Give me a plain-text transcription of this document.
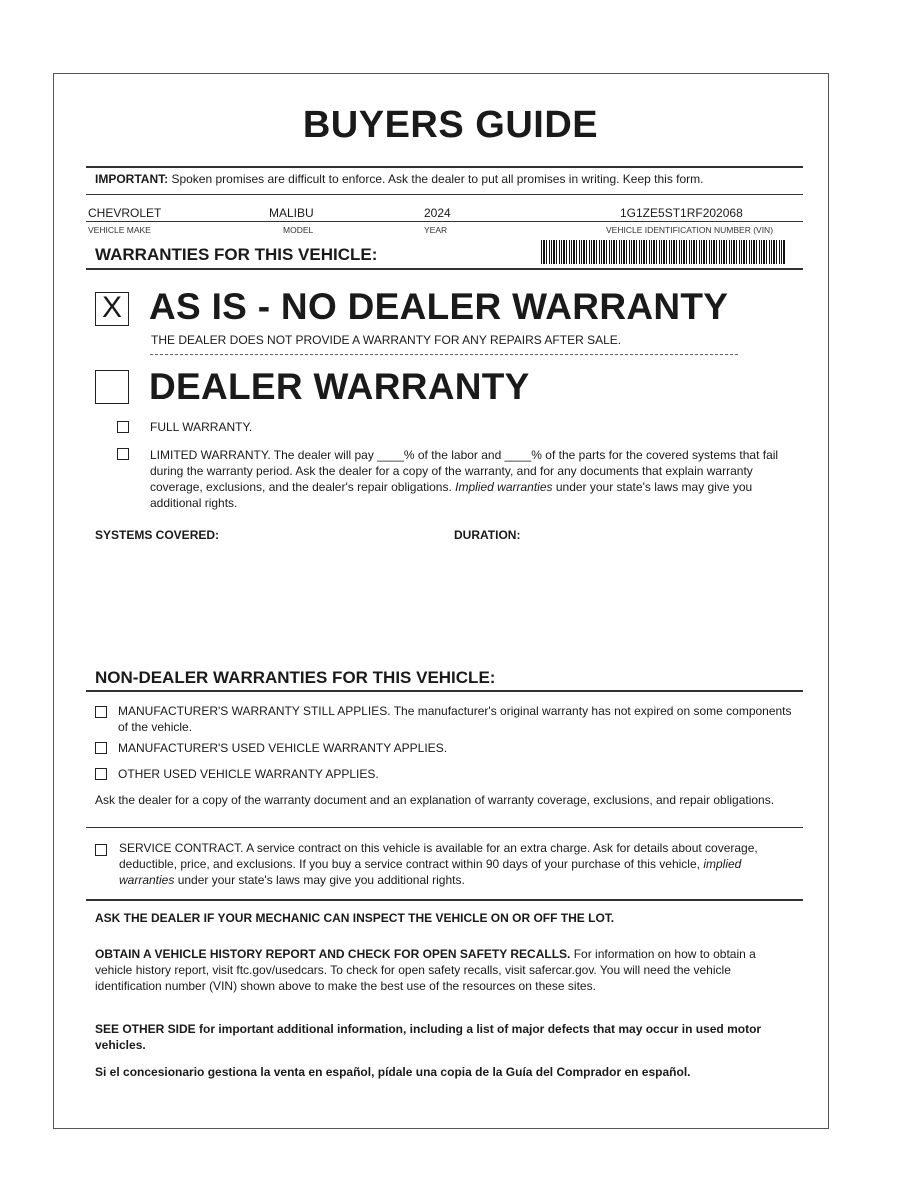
BUYERS GUIDE
IMPORTANT: Spoken promises are difficult to enforce. Ask the dealer to put all promises in writing. Keep this form.
CHEVROLET	MALIBU	2024	1G1ZE5ST1RF202068
VEHICLE MAKE	MODEL	YEAR	VEHICLE IDENTIFICATION NUMBER (VIN)
WARRANTIES FOR THIS VEHICLE:
X AS IS - NO DEALER WARRANTY
THE DEALER DOES NOT PROVIDE A WARRANTY FOR ANY REPAIRS AFTER SALE.
DEALER WARRANTY
FULL WARRANTY.
LIMITED WARRANTY. The dealer will pay ____% of the labor and ____% of the parts for the covered systems that fail during the warranty period. Ask the dealer for a copy of the warranty, and for any documents that explain warranty coverage, exclusions, and the dealer's repair obligations. Implied warranties under your state's laws may give you additional rights.
SYSTEMS COVERED:	DURATION:
NON-DEALER WARRANTIES FOR THIS VEHICLE:
MANUFACTURER'S WARRANTY STILL APPLIES. The manufacturer's original warranty has not expired on some components of the vehicle.
MANUFACTURER'S USED VEHICLE WARRANTY APPLIES.
OTHER USED VEHICLE WARRANTY APPLIES.
Ask the dealer for a copy of the warranty document and an explanation of warranty coverage, exclusions, and repair obligations.
SERVICE CONTRACT. A service contract on this vehicle is available for an extra charge. Ask for details about coverage, deductible, price, and exclusions. If you buy a service contract within 90 days of your purchase of this vehicle, implied warranties under your state's laws may give you additional rights.
ASK THE DEALER IF YOUR MECHANIC CAN INSPECT THE VEHICLE ON OR OFF THE LOT.
OBTAIN A VEHICLE HISTORY REPORT AND CHECK FOR OPEN SAFETY RECALLS. For information on how to obtain a vehicle history report, visit ftc.gov/usedcars. To check for open safety recalls, visit safercar.gov. You will need the vehicle identification number (VIN) shown above to make the best use of the resources on these sites.
SEE OTHER SIDE for important additional information, including a list of major defects that may occur in used motor vehicles.
Si el concesionario gestiona la venta en español, pídale una copia de la Guía del Comprador en español.
